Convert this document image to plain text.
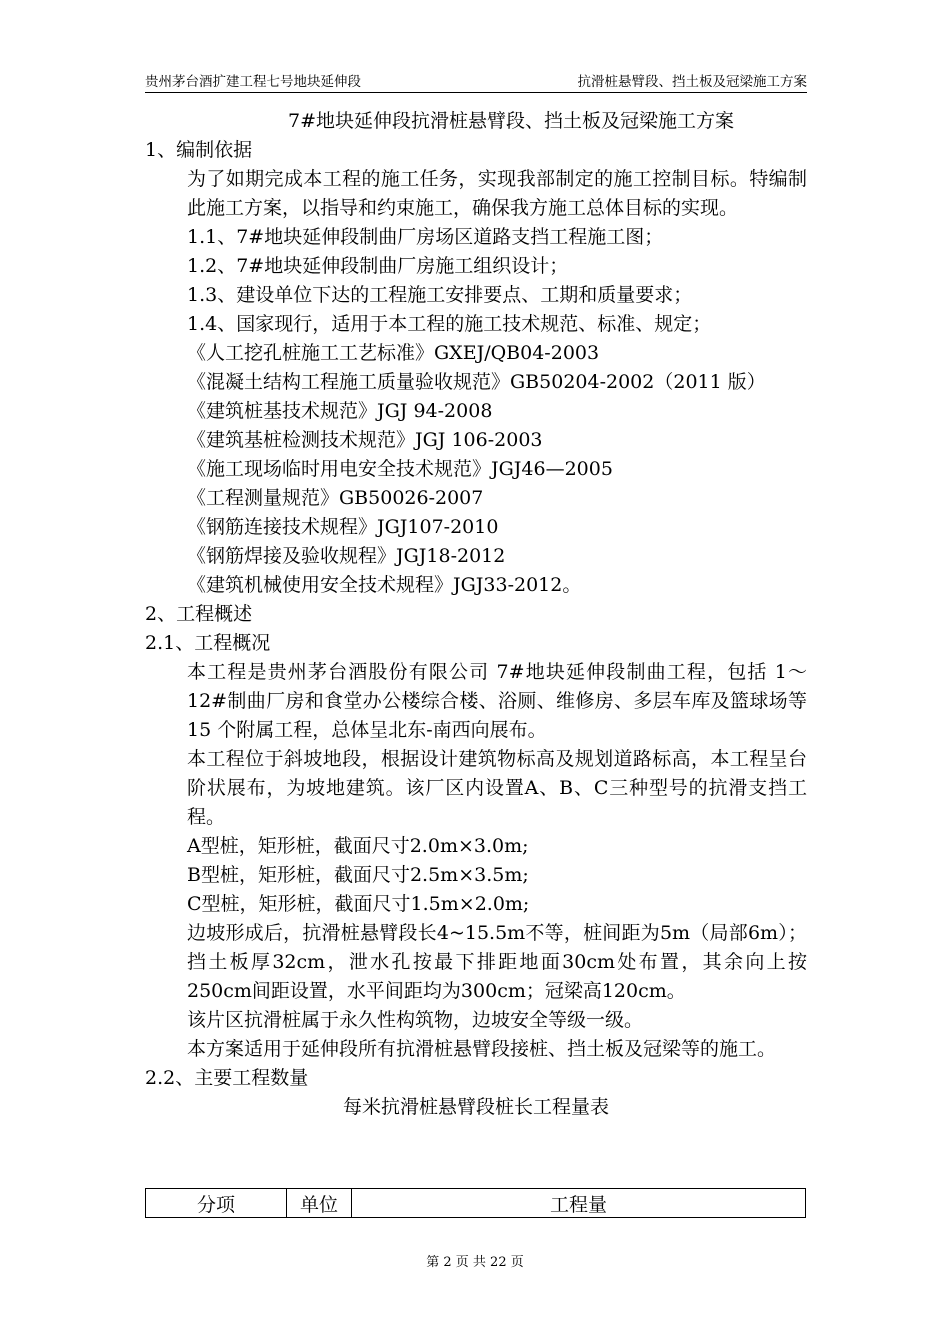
贵州茅台酒扩建工程七号地块延伸段	抗滑桩悬臂段、挡土板及冠梁施工方案
7#地块延伸段抗滑桩悬臂段、挡土板及冠梁施工方案
1、编制依据
为了如期完成本工程的施工任务，实现我部制定的施工控制目标。特编制此施工方案，以指导和约束施工，确保我方施工总体目标的实现。
1.1、7#地块延伸段制曲厂房场区道路支挡工程施工图；
1.2、7#地块延伸段制曲厂房施工组织设计；
1.3、建设单位下达的工程施工安排要点、工期和质量要求；
1.4、国家现行，适用于本工程的施工技术规范、标准、规定；
《人工挖孔桩施工工艺标准》GXEJ/QB04-2003
《混凝土结构工程施工质量验收规范》GB50204-2002（2011 版）
《建筑桩基技术规范》JGJ 94-2008
《建筑基桩检测技术规范》JGJ 106-2003
《施工现场临时用电安全技术规范》JGJ46—2005
《工程测量规范》GB50026-2007
《钢筋连接技术规程》JGJ107-2010
《钢筋焊接及验收规程》JGJ18-2012
《建筑机械使用安全技术规程》JGJ33-2012。
2、工程概述
2.1、工程概况
本工程是贵州茅台酒股份有限公司 7#地块延伸段制曲工程，包括 1～12#制曲厂房和食堂办公楼综合楼、浴厕、维修房、多层车库及篮球场等 15 个附属工程，总体呈北东-南西向展布。
本工程位于斜坡地段，根据设计建筑物标高及规划道路标高，本工程呈台阶状展布，为坡地建筑。该厂区内设置A、B、C三种型号的抗滑支挡工程。
A型桩，矩形桩，截面尺寸2.0m×3.0m;
B型桩，矩形桩，截面尺寸2.5m×3.5m;
C型桩，矩形桩，截面尺寸1.5m×2.0m;
边坡形成后，抗滑桩悬臂段长4~15.5m不等，桩间距为5m（局部6m）；挡土板厚32cm，泄水孔按最下排距地面30cm处布置，其余向上按250cm间距设置，水平间距均为300cm；冠梁高120cm。
该片区抗滑桩属于永久性构筑物，边坡安全等级一级。
本方案适用于延伸段所有抗滑桩悬臂段接桩、挡土板及冠梁等的施工。
2.2、主要工程数量
每米抗滑桩悬臂段桩长工程量表
分项	单位	工程量
第 2 页 共 22 页
